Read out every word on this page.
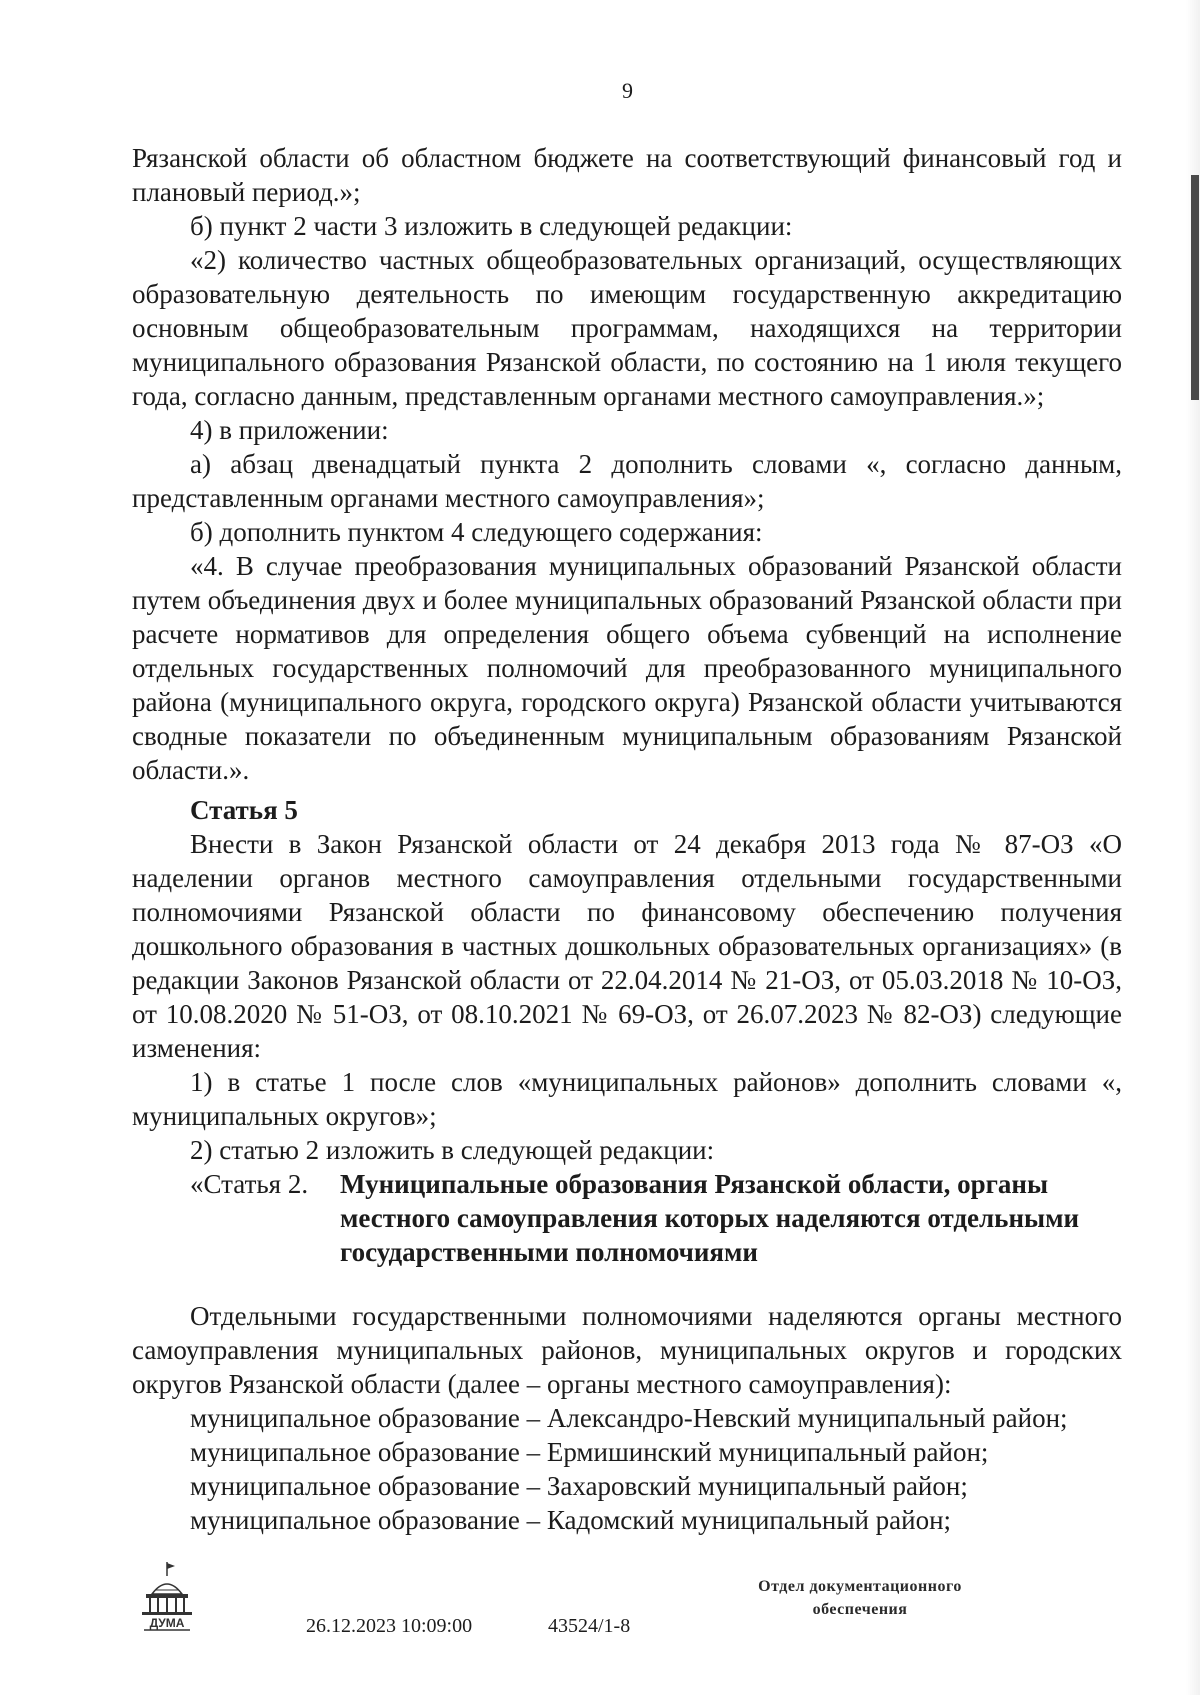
9

Рязанской области об областном бюджете на соответствующий финансовый год и плановый период.»;

б) пункт 2 части 3 изложить в следующей редакции:

«2) количество частных общеобразовательных организаций, осуществляющих образовательную деятельность по имеющим государственную аккредитацию основным общеобразовательным программам, находящихся на территории муниципального образования Рязанской области, по состоянию на 1 июля текущего года, согласно данным, представленным органами местного самоуправления.»;

4) в приложении:

а) абзац двенадцатый пункта 2 дополнить словами «, согласно данным, представленным органами местного самоуправления»;

б) дополнить пунктом 4 следующего содержания:

«4. В случае преобразования муниципальных образований Рязанской области путем объединения двух и более муниципальных образований Рязанской области при расчете нормативов для определения общего объема субвенций на исполнение отдельных государственных полномочий для преобразованного муниципального района (муниципального округа, городского округа) Рязанской области учитываются сводные показатели по объединенным муниципальным образованиям Рязанской области.».

Статья 5

Внести в Закон Рязанской области от 24 декабря 2013 года № 87-ОЗ «О наделении органов местного самоуправления отдельными государственными полномочиями Рязанской области по финансовому обеспечению получения дошкольного образования в частных дошкольных образовательных организациях» (в редакции Законов Рязанской области от 22.04.2014 № 21-ОЗ, от 05.03.2018 № 10-ОЗ, от 10.08.2020 № 51-ОЗ, от 08.10.2021 № 69-ОЗ, от 26.07.2023 № 82-ОЗ) следующие изменения:

1) в статье 1 после слов «муниципальных районов» дополнить словами «, муниципальных округов»;

2) статью 2 изложить в следующей редакции:

«Статья 2.	Муниципальные образования Рязанской области, органы местного самоуправления которых наделяются отдельными государственными полномочиями

Отдельными государственными полномочиями наделяются органы местного самоуправления муниципальных районов, муниципальных округов и городских округов Рязанской области (далее – органы местного самоуправления):

муниципальное образование – Александро-Невский муниципальный район;

муниципальное образование – Ермишинский муниципальный район;

муниципальное образование – Захаровский муниципальный район;

муниципальное образование – Кадомский муниципальный район;

ДУМА	26.12.2023 10:09:00	43524/1-8
Отдел документационного
обеспечения
